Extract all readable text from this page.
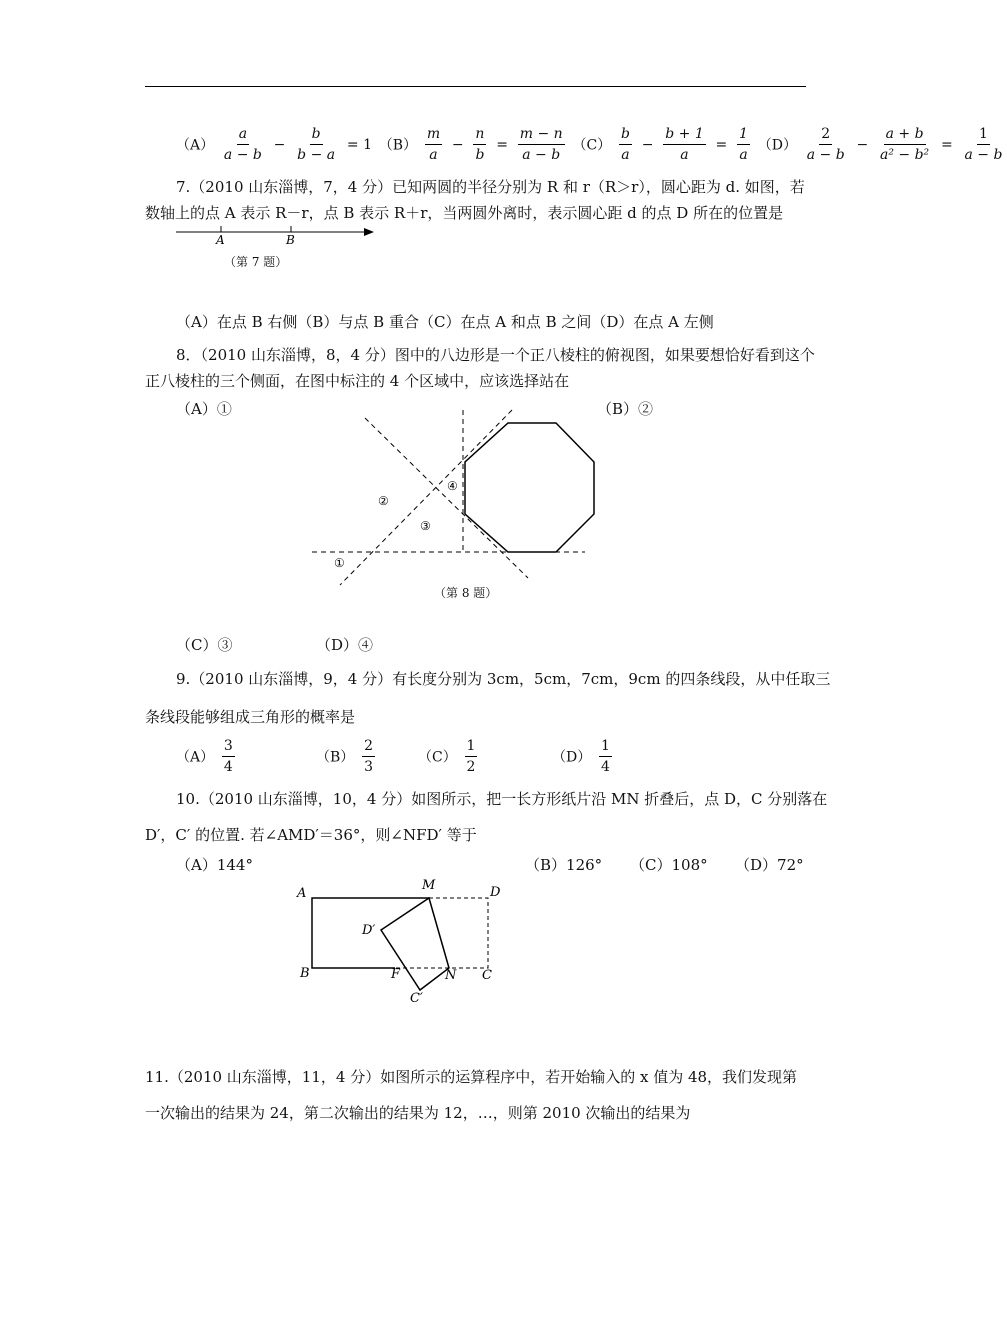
$(A) \frac{a}{a - b} - \frac{b}{b - a} = 1$ $(B) \frac{m}{a} - \frac{n}{b} = \frac{m - n}{a - b} (C) \frac{b}{a} - \frac{b + 1}{a} = \frac{1}{a} (D) \frac{2}{a - b} - \frac{a + b}{\text{a² − b²}} = \frac{1}{a - b}$
7.（2010 山东淄博，7，4 分）已知两圆的半径分别为 R 和 r（R＞r），圆心距为 d. 如图，若
数轴上的点 A 表示 R－r，点 B 表示 R＋r，当两圆外离时，表示圆心距 d 的点 D 所在的位置是
A	B
（第 7 题）
（A）在点 B 右侧（B）与点 B 重合（C）在点 A 和点 B 之间（D）在点 A 左侧
8．（2010 山东淄博，8，4 分）图中的八边形是一个正八棱柱的俯视图，如果要想恰好看到这个
正八棱柱的三个侧面，在图中标注的 4 个区域中，应该选择站在
（A）①	（B）②
②
④
③
①
（第 8 题）
（C）③	（D）④
9.（2010 山东淄博，9，4 分）有长度分别为 3cm，5cm，7cm，9cm 的四条线段，从中任取三
条线段能够组成三角形的概率是
$(A) \frac{3}{4}$	$(B) \frac{2}{3}$	$(C) \frac{1}{2}$	$(D) \frac{1}{4}$
10.（2010 山东淄博，10，4 分）如图所示，把一长方形纸片沿 MN 折叠后，点 D，C 分别落在
D′，C′ 的位置. 若∠AMD′＝36°，则∠NFD′ 等于
（A）144°	（B）126° （C）108° （D）72°
A
M	D
D′
B	F	N C
C′
11.（2010 山东淄博，11，4 分）如图所示的运算程序中，若开始输入的 x 值为 48，我们发现第
一次输出的结果为 24，第二次输出的结果为 12，…，则第 2010 次输出的结果为
